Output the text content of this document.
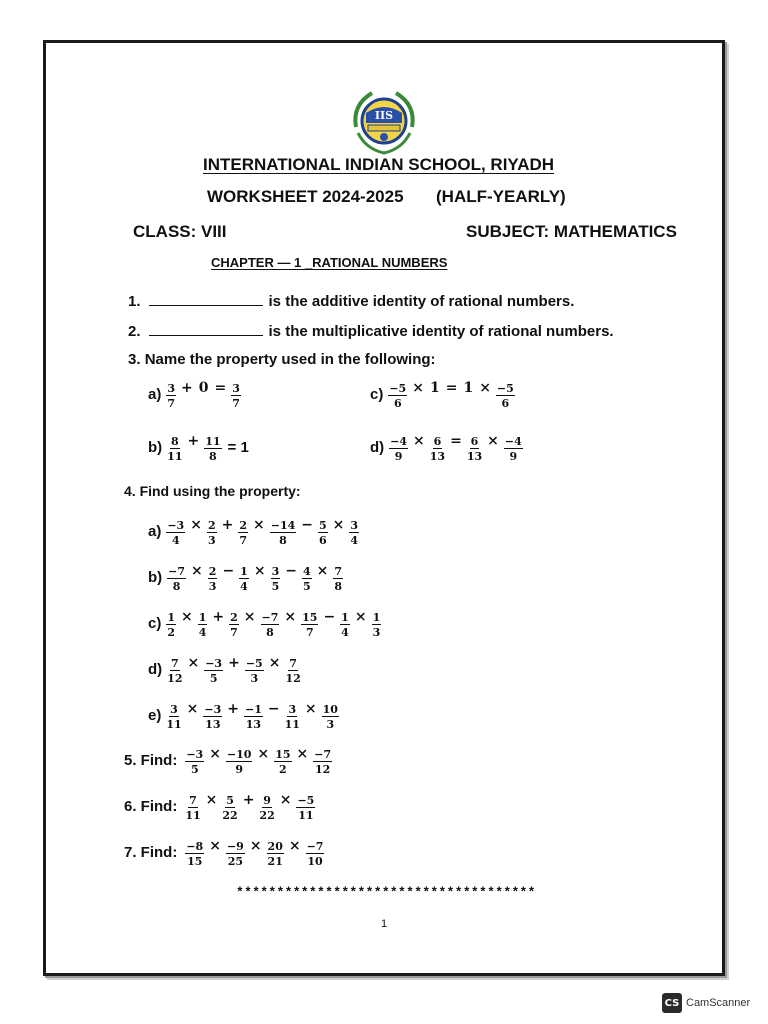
IIS
INTERNATIONAL INDIAN SCHOOL, RIYADH
WORKSHEET 2024-2025 (HALF-YEARLY)
CLASS: VIII	SUBJECT: MATHEMATICS
CHAPTER — 1 _RATIONAL NUMBERS
1.	is the additive identity of rational numbers.
2.	is the multiplicative identity of rational numbers.
3. Name the property used in the following:
$a) \frac{3}{7} + 0 = \frac{3}{7}$	$c) \frac{-5}{6} \times 1 = 1 \times \frac{-5}{6}$
$b) \frac{8}{11} + \frac{11}{8} = 1$	$d) \frac{-4}{9} \times \frac{6}{13} = \frac{6}{13} \times \frac{-4}{9}$
4. Find using the property:
$a) \frac{-3}{4} \times \frac{2}{3} + \frac{2}{7} \times \frac{-14}{8} - \frac{5}{6} \times \frac{3}{4}$
$b) \frac{-7}{8} \times \frac{2}{3} - \frac{1}{4} \times \frac{3}{5} - \frac{4}{5} \times \frac{7}{8}$
$c) \frac{1}{2} \times \frac{1}{4} + \frac{2}{7} \times \frac{-7}{8} \times \frac{15}{7} - \frac{1}{4} \times \frac{1}{3}$
$d) \frac{7}{12} \times \frac{-3}{5} + \frac{-5}{3} \times \frac{7}{12}$
$e) \frac{3}{11} \times \frac{-3}{13} + \frac{-1}{13} - \frac{3}{11} \times \frac{10}{3}$
5. Find: $\frac{-3}{5} \times \frac{-10}{9} \times \frac{15}{2} \times \frac{-7}{12}$
6. Find: $\frac{7}{11} \times \frac{5}{22} + \frac{9}{22} \times \frac{-5}{11}$
7. Find: $\frac{-8}{15} \times \frac{-9}{25} \times \frac{20}{21} \times \frac{-7}{10}$
*************************************
1
CS CamScanner
